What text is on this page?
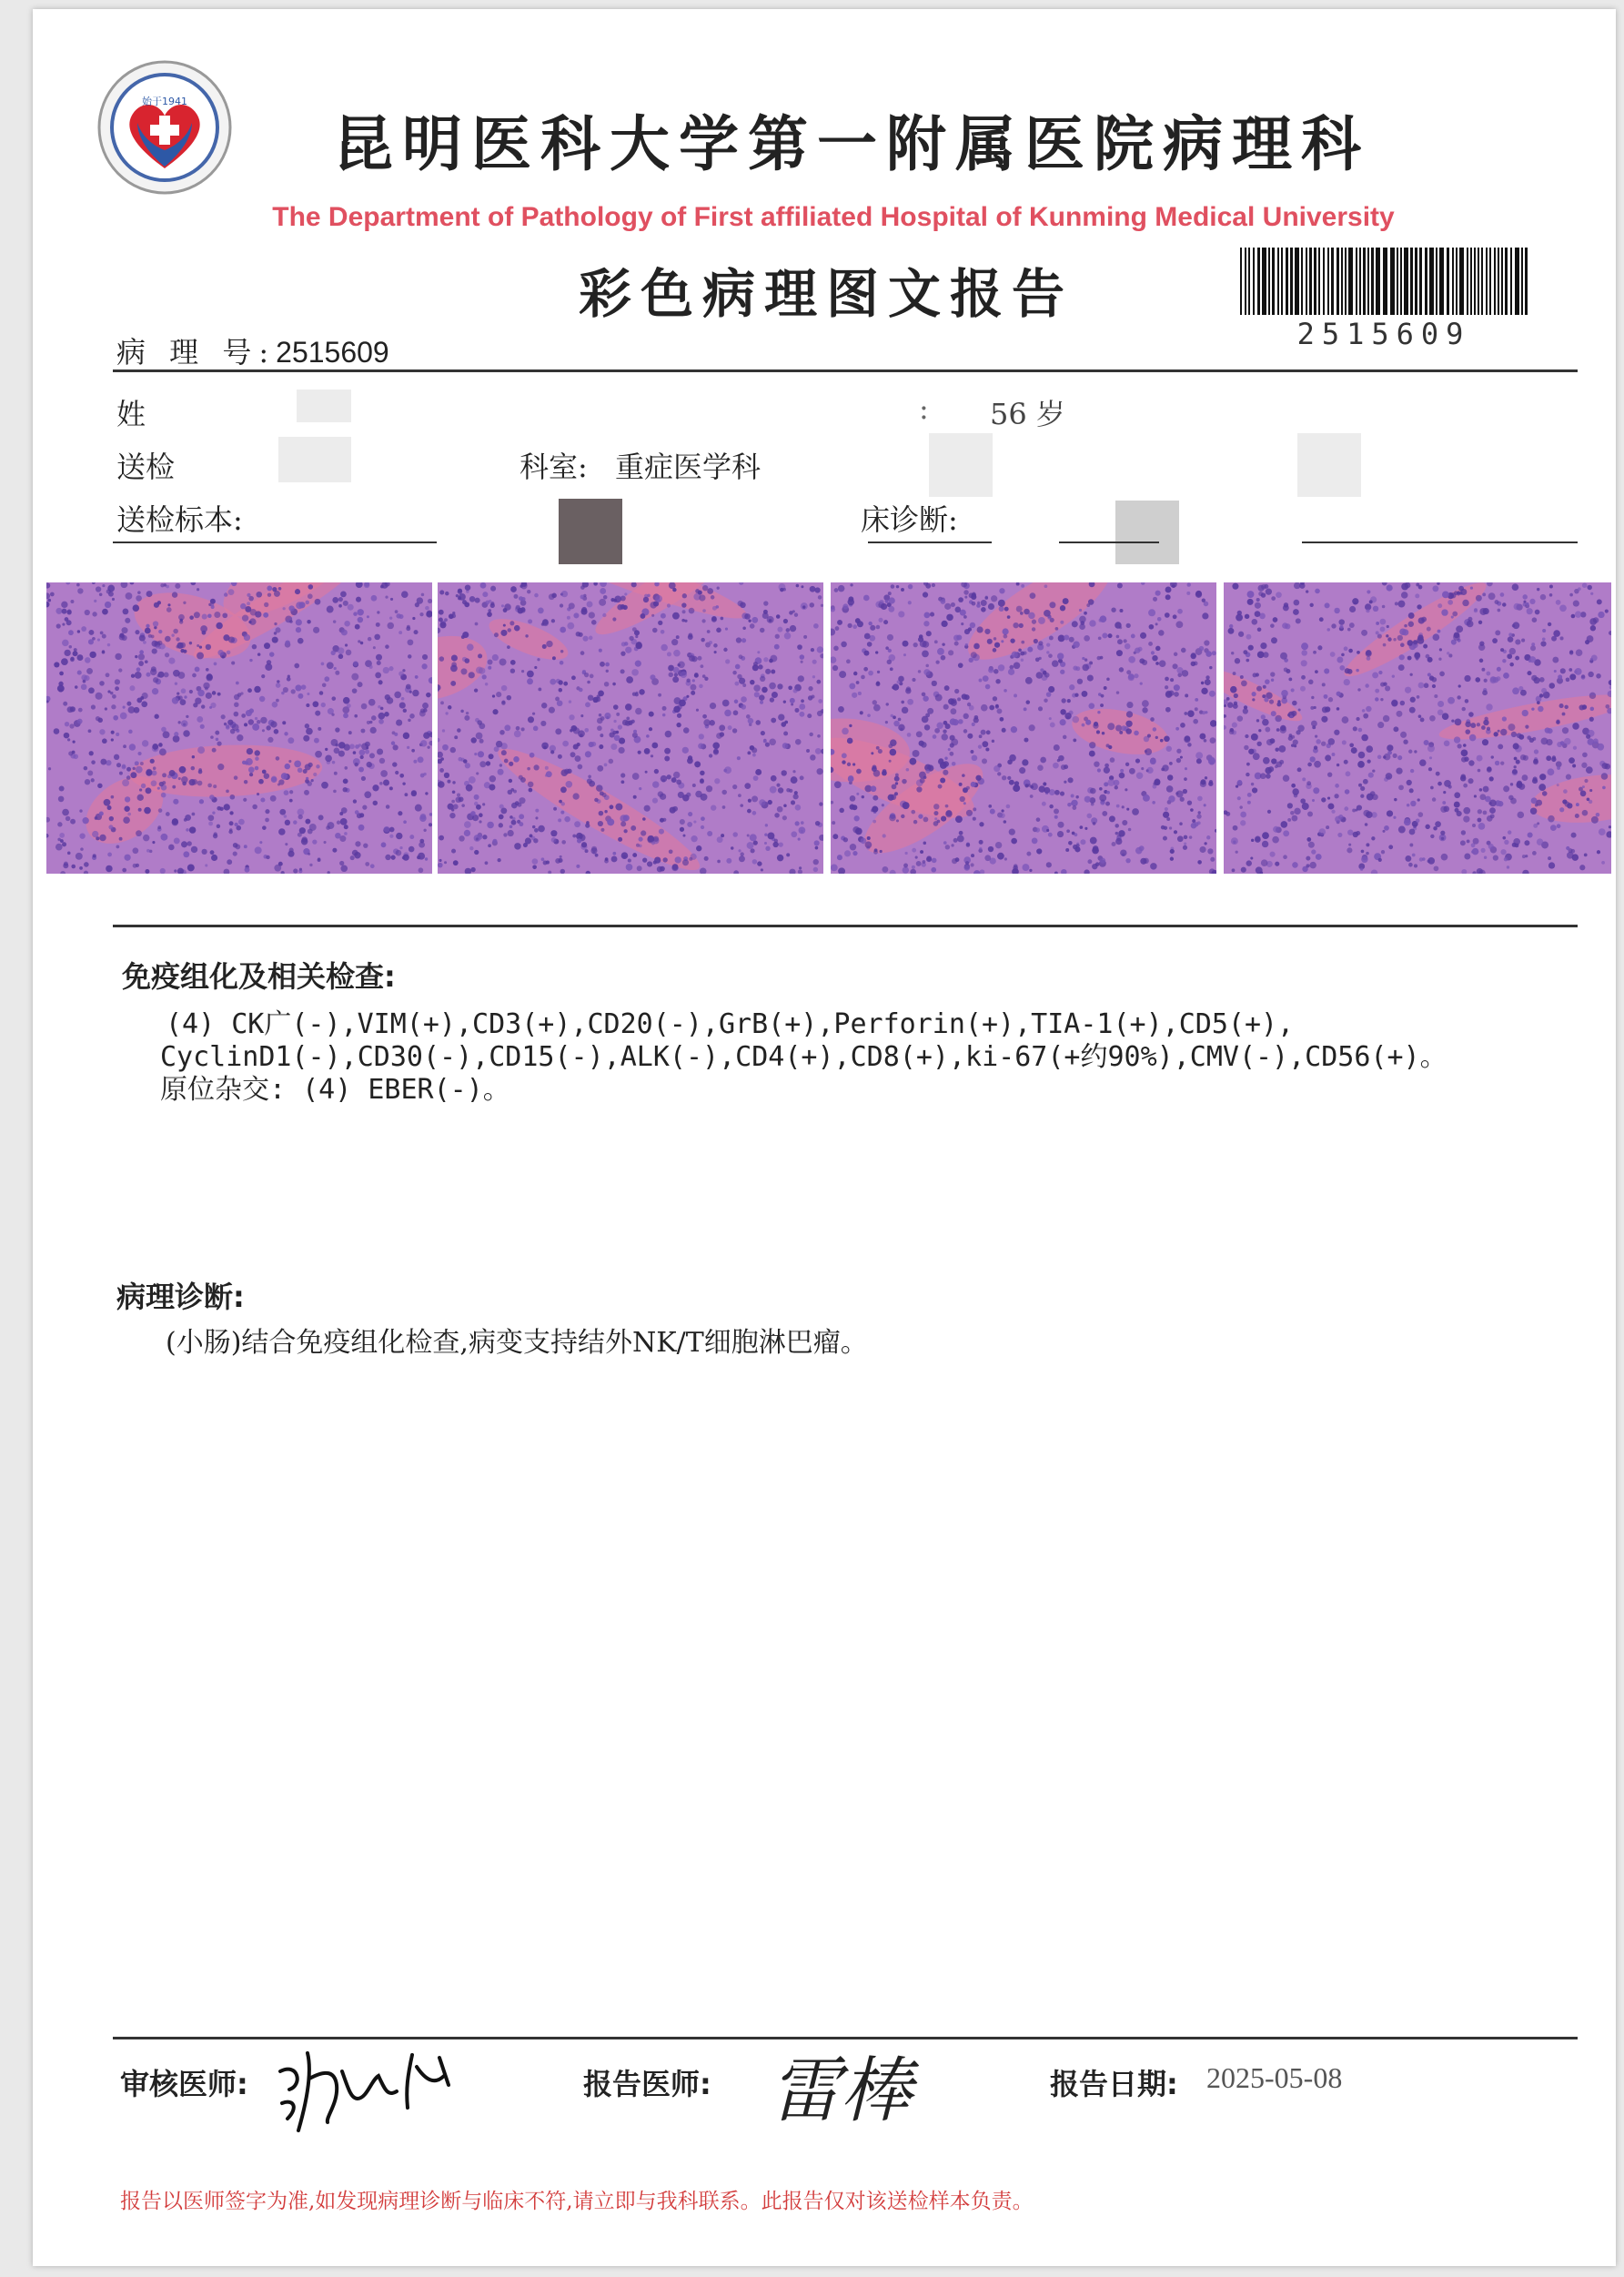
始于1941
昆明医科大学第一附属医院病理科
The Department of Pathology of First affiliated Hospital of Kunming Medical University
彩色病理图文报告
2515609
病 理 号:2515609
姓	: 56 岁
送检	科室: 重症医学科
送检标本:	床诊断:
免疫组化及相关检查:
(4) CK广(-),VIM(+),CD3(+),CD20(-),GrB(+),Perforin(+),TIA-1(+),CD5(+),
CyclinD1(-),CD30(-),CD15(-),ALK(-),CD4(+),CD8(+),ki-67(+约90%),CMV(-),CD56(+)。
原位杂交: (4) EBER(-)。
病理诊断:
(小肠)结合免疫组化检查,病变支持结外NK/T细胞淋巴瘤。
审核医师:	报告医师: 雷棒	报告日期: 2025-05-08
报告以医师签字为准,如发现病理诊断与临床不符,请立即与我科联系。此报告仅对该送检样本负责。
